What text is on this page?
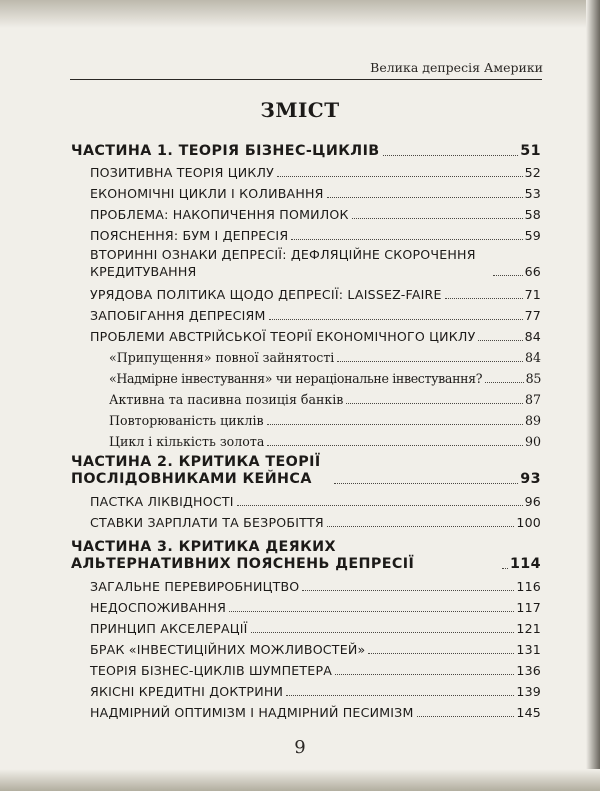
Велика депресія Америки
ЗМІСТ
ЧАСТИНА 1. ТЕОРІЯ БІЗНЕС-ЦИКЛІВ	51
ПОЗИТИВНА ТЕОРІЯ ЦИКЛУ	52
ЕКОНОМІЧНІ ЦИКЛИ І КОЛИВАННЯ	53
ПРОБЛЕМА: НАКОПИЧЕННЯ ПОМИЛОК	58
ПОЯСНЕННЯ: БУМ І ДЕПРЕСІЯ	59
ВТОРИННІ ОЗНАКИ ДЕПРЕСІЇ: ДЕФЛЯЦІЙНЕ СКОРОЧЕННЯ КРЕДИТУВАННЯ	66
УРЯДОВА ПОЛІТИКА ЩОДО ДЕПРЕСІЇ: LAISSEZ-FAIRE	71
ЗАПОБІГАННЯ ДЕПРЕСІЯМ	77
ПРОБЛЕМИ АВСТРІЙСЬКОЇ ТЕОРІЇ ЕКОНОМІЧНОГО ЦИКЛУ	84
«Припущення» повної зайнятості	84
«Надмірне інвестування» чи нераціональне інвестування?	85
Активна та пасивна позиція банків	87
Повторюваність циклів	89
Цикл і кількість золота	90
ЧАСТИНА 2. КРИТИКА ТЕОРІЇ ПОСЛІДОВНИКАМИ КЕЙНСА	93
ПАСТКА ЛІКВІДНОСТІ	96
СТАВКИ ЗАРПЛАТИ ТА БЕЗРОБІТТЯ	100
ЧАСТИНА 3. КРИТИКА ДЕЯКИХ АЛЬТЕРНАТИВНИХ ПОЯСНЕНЬ ДЕПРЕСІЇ	114
ЗАГАЛЬНЕ ПЕРЕВИРОБНИЦТВО	116
НЕДОСПОЖИВАННЯ	117
ПРИНЦИП АКСЕЛЕРАЦІЇ	121
БРАК «ІНВЕСТИЦІЙНИХ МОЖЛИВОСТЕЙ»	131
ТЕОРІЯ БІЗНЕС-ЦИКЛІВ ШУМПЕТЕРА	136
ЯКІСНІ КРЕДИТНІ ДОКТРИНИ	139
НАДМІРНИЙ ОПТИМІЗМ І НАДМІРНИЙ ПЕСИМІЗМ	145
9
